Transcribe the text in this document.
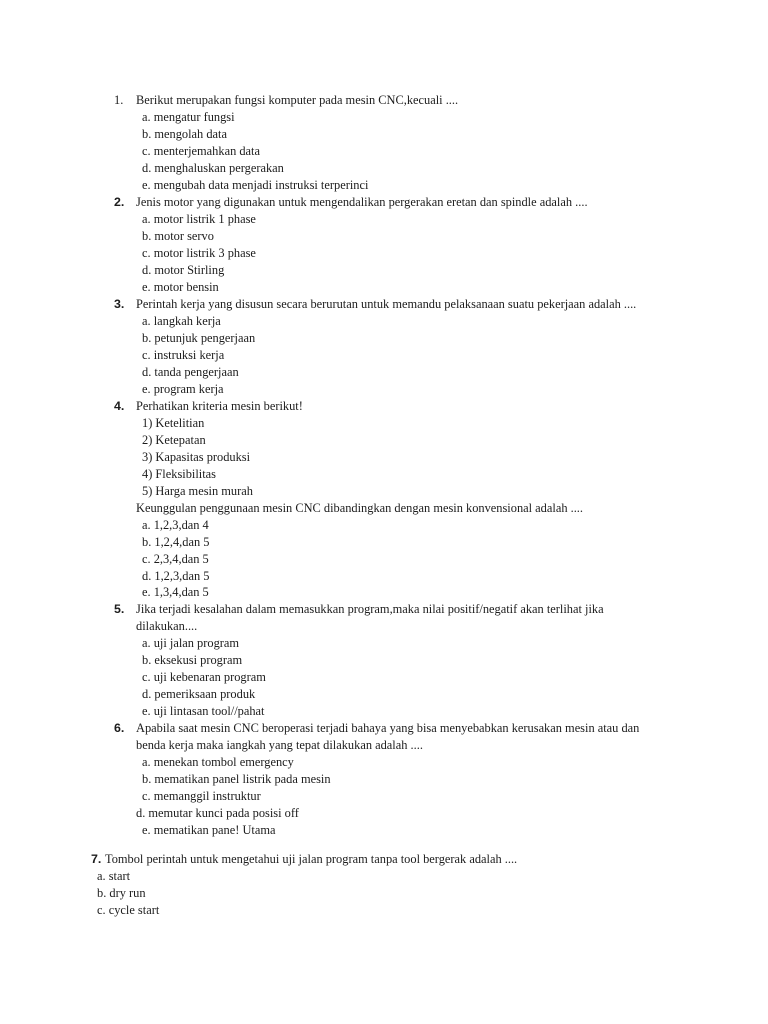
1. Berikut merupakan fungsi komputer pada mesin CNC,kecuali ....
a. mengatur fungsi
b. mengolah data
c. menterjemahkan data
d. menghaluskan pergerakan
e. mengubah data menjadi instruksi terperinci
2. Jenis motor yang digunakan untuk mengendalikan pergerakan eretan dan spindle adalah ....
a. motor listrik 1 phase
b. motor servo
c. motor listrik 3 phase
d. motor Stirling
e. motor bensin
3. Perintah kerja yang disusun secara berurutan untuk memandu pelaksanaan suatu pekerjaan adalah ....
a. langkah kerja
b. petunjuk pengerjaan
c. instruksi kerja
d. tanda pengerjaan
e. program kerja
4. Perhatikan kriteria mesin berikut!
1) Ketelitian
2) Ketepatan
3) Kapasitas produksi
4) Fleksibilitas
5) Harga mesin murah
Keunggulan penggunaan mesin CNC dibandingkan dengan mesin konvensional adalah ....
a. 1,2,3,dan 4
b. 1,2,4,dan 5
c. 2,3,4,dan 5
d. 1,2,3,dan 5
e. 1,3,4,dan 5
5. Jika terjadi kesalahan dalam memasukkan program,maka nilai positif/negatif akan terlihat jika
dilakukan....
a. uji jalan program
b. eksekusi program
c. uji kebenaran program
d. pemeriksaan produk
e. uji lintasan tool//pahat
6. Apabila saat mesin CNC beroperasi terjadi bahaya yang bisa menyebabkan kerusakan mesin atau dan
benda kerja maka iangkah yang tepat dilakukan adalah ....
a. menekan tombol emergency
b. mematikan panel listrik pada mesin
c. memanggil instruktur
d. memutar kunci pada posisi off
e. mematikan pane! Utama
7. Tombol perintah untuk mengetahui uji jalan program tanpa tool bergerak adalah ....
a. start
b. dry run
c. cycle start
